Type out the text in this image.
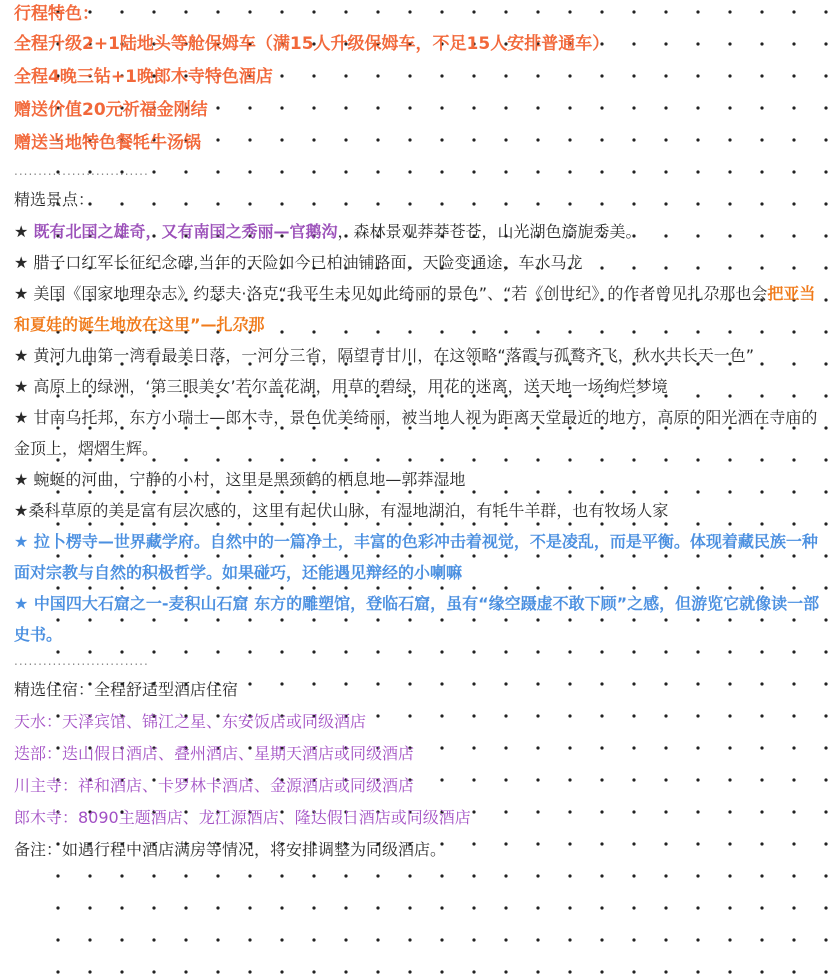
行程特色：

全程升级2+1陆地头等舱保姆车（满15人升级保姆车，不足15人安排普通车）

全程4晚三钻+1晚郎木寺特色酒店

赠送价值20元祈福金刚结

赠送当地特色餐牦牛汤锅

............................

精选景点：

★ 既有北国之雄奇，又有南国之秀丽—官鹅沟，森林景观莽莽苍苍，山光湖色旖旎秀美。

★ 腊子口红军长征纪念碑,当年的天险如今已柏油铺路面，天险变通途，车水马龙

★ 美国《国家地理杂志》约瑟夫·洛克“我平生未见如此绮丽的景色”、“若《创世纪》的作者曾见扎尕那也会把亚当和夏娃的诞生地放在这里”—扎尕那

★ 黄河九曲第一湾看最美日落，一河分三省，隔望青甘川，在这领略“落霞与孤鹜齐飞，秋水共长天一色”

★ 高原上的绿洲，‘第三眼美女’若尔盖花湖，用草的碧绿，用花的迷离，送天地一场绚烂梦境

★ 甘南乌托邦，东方小瑞士—郎木寺，景色优美绮丽，被当地人视为距离天堂最近的地方，高原的阳光洒在寺庙的金顶上，熠熠生辉。

★ 蜿蜒的河曲，宁静的小村，这里是黑颈鹤的栖息地—郭莽湿地

★桑科草原的美是富有层次感的，这里有起伏山脉，有湿地湖泊，有牦牛羊群，也有牧场人家

★ 拉卜楞寺—世界藏学府。自然中的一篇净土，丰富的色彩冲击着视觉，不是凌乱，而是平衡。体现着藏民族一种面对宗教与自然的积极哲学。如果碰巧，还能遇见辩经的小喇嘛

★ 中国四大石窟之一-麦积山石窟 东方的雕塑馆，登临石窟，虽有“缘空蹑虚不敢下顾”之感，但游览它就像读一部史书。

............................

精选住宿：全程舒适型酒店住宿

天水：天泽宾馆、锦江之星、东安饭店或同级酒店

迭部：迭山假日酒店、叠州酒店、星期天酒店或同级酒店

川主寺：祥和酒店、卡罗林卡酒店、金源酒店或同级酒店

郎木寺：8090主题酒店、龙江源酒店、隆达假日酒店或同级酒店

备注：如遇行程中酒店满房等情况，将安排调整为同级酒店。
